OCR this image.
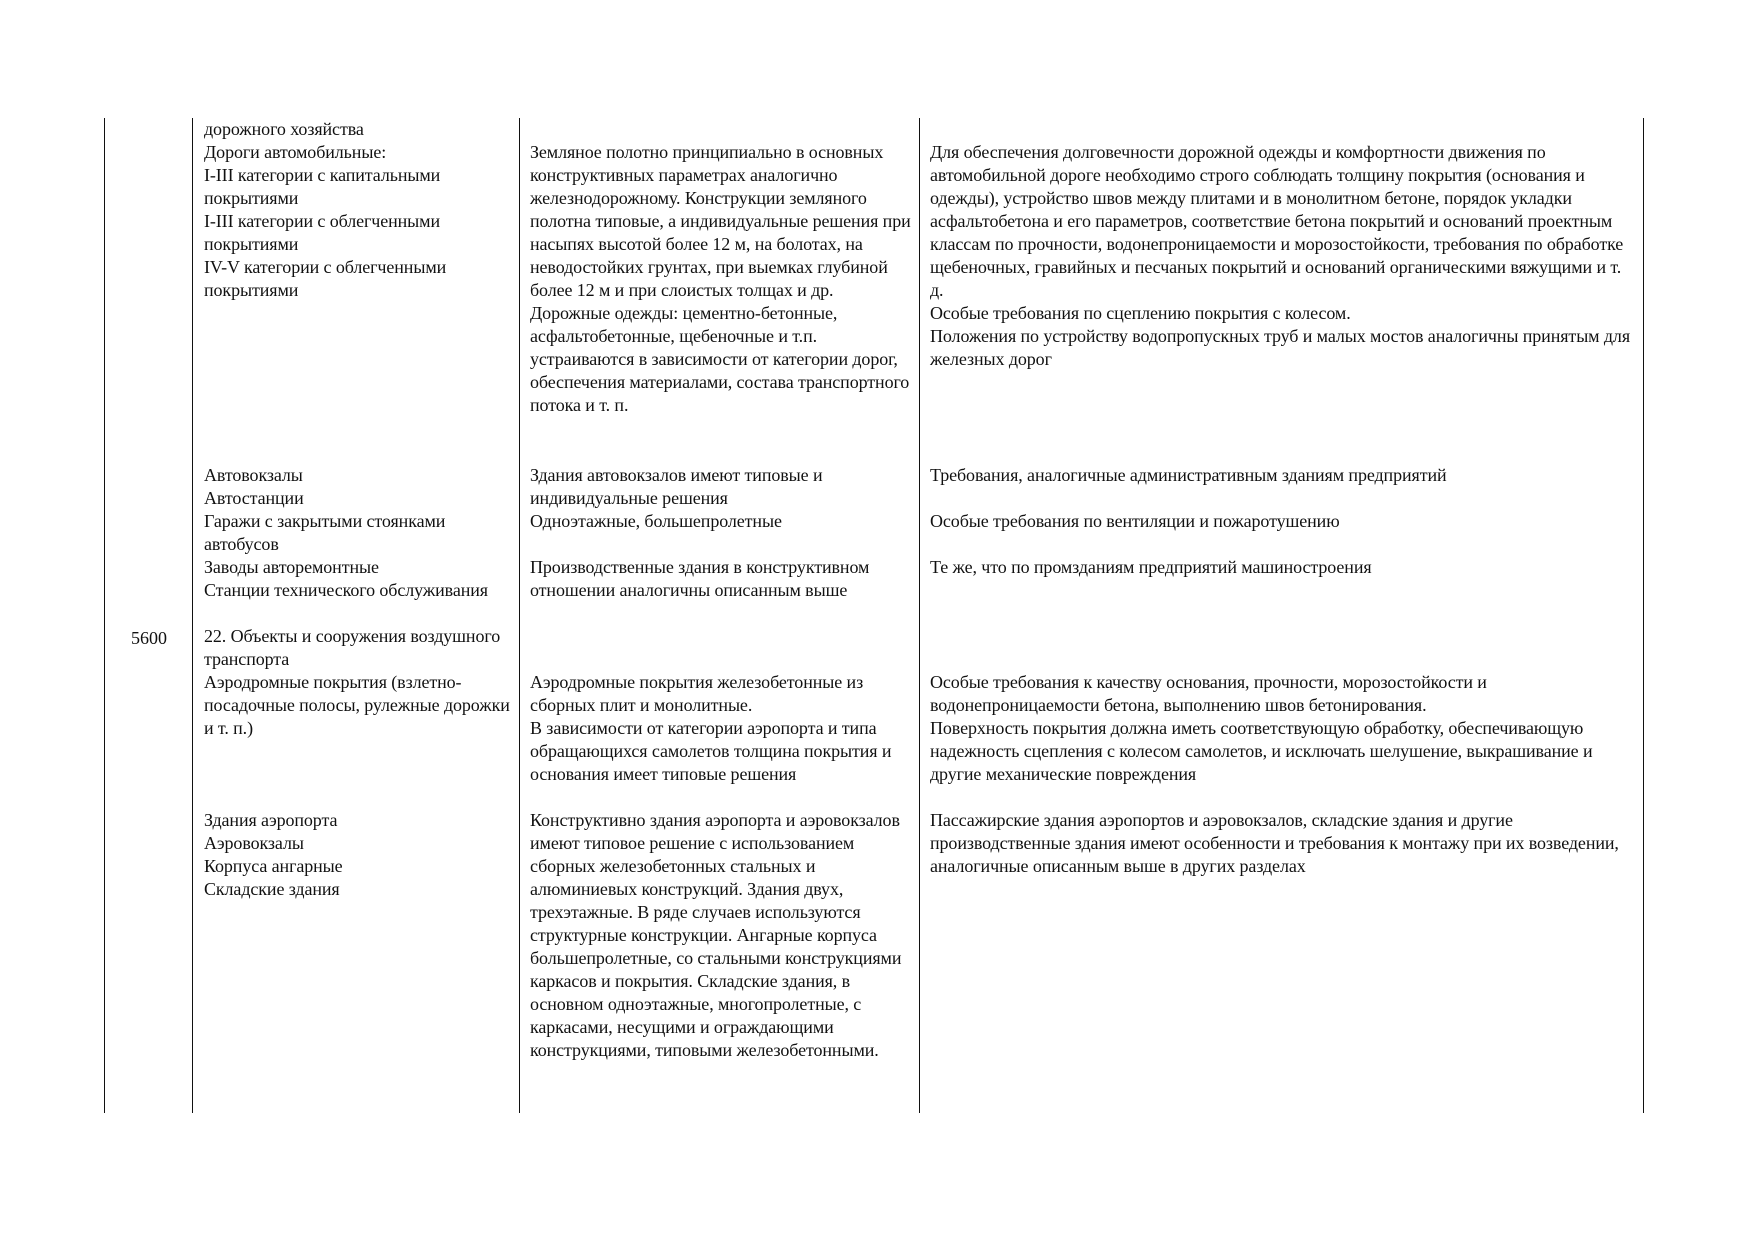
5600
дорожного хозяйства
Дороги автомобильные:
I-III категории с капитальными покрытиями
I-III категории с облегченными покрытиями
IV-V категории с облегченными покрытиями
Земляное полотно принципиально в основных конструктивных параметрах аналогично железнодорожному. Конструкции земляного полотна типовые, а индивидуальные решения при насыпях высотой более 12 м, на болотах, на неводостойких грунтах, при выемках глубиной более 12 м и при слоистых толщах и др.
Дорожные одежды: цементно-бетонные, асфальтобетонные, щебеночные и т.п. устраиваются в зависимости от категории дорог, обеспечения материалами, состава транспортного потока и т. п.
Для обеспечения долговечности дорожной одежды и комфортности движения по автомобильной дороге необходимо строго соблюдать толщину покрытия (основания и одежды), устройство швов между плитами и в монолитном бетоне, порядок укладки асфальтобетона и его параметров, соответствие бетона покрытий и оснований проектным классам по прочности, водонепроницаемости и морозостойкости, требования по обработке щебеночных, гравийных и песчаных покрытий и оснований органическими вяжущими и т. д.
Особые требования по сцеплению покрытия с колесом.
Положения по устройству водопропускных труб и малых мостов аналогичны принятым для железных дорог
Автовокзалы
Автостанции
Здания автовокзалов имеют типовые и индивидуальные решения
Требования, аналогичные административным зданиям предприятий
Гаражи с закрытыми стоянками автобусов
Одноэтажные, большепролетные	Особые требования по вентиляции и пожаротушению
Заводы авторемонтные
Станции технического обслуживания
Производственные здания в конструктивном отношении аналогичны описанным выше
Те же, что по промзданиям предприятий машиностроения
22. Объекты и сооружения воздушного транспорта
Аэродромные покрытия (взлетно-посадочные полосы, рулежные дорожки и т. п.)
Аэродромные покрытия железобетонные из сборных плит и монолитные.
В зависимости от категории аэропорта и типа обращающихся самолетов толщина покрытия и основания имеет типовые решения
Особые требования к качеству основания, прочности, морозостойкости и водонепроницаемости бетона, выполнению швов бетонирования.
Поверхность покрытия должна иметь соответствующую обработку, обеспечивающую надежность сцепления с колесом самолетов, и исключать шелушение, выкрашивание и другие механические повреждения
Здания аэропорта
Аэровокзалы
Корпуса ангарные
Складские здания
Конструктивно здания аэропорта и аэровокзалов имеют типовое решение с использованием сборных железобетонных стальных и алюминиевых конструкций. Здания двух, трехэтажные. В ряде случаев используются структурные конструкции. Ангарные корпуса большепролетные, со стальными конструкциями каркасов и покрытия. Складские здания, в основном одноэтажные, многопролетные, с каркасами, несущими и ограждающими конструкциями, типовыми железобетонными.
Пассажирские здания аэропортов и аэровокзалов, складские здания и другие производственные здания имеют особенности и требования к монтажу при их возведении, аналогичные описанным выше в других разделах
